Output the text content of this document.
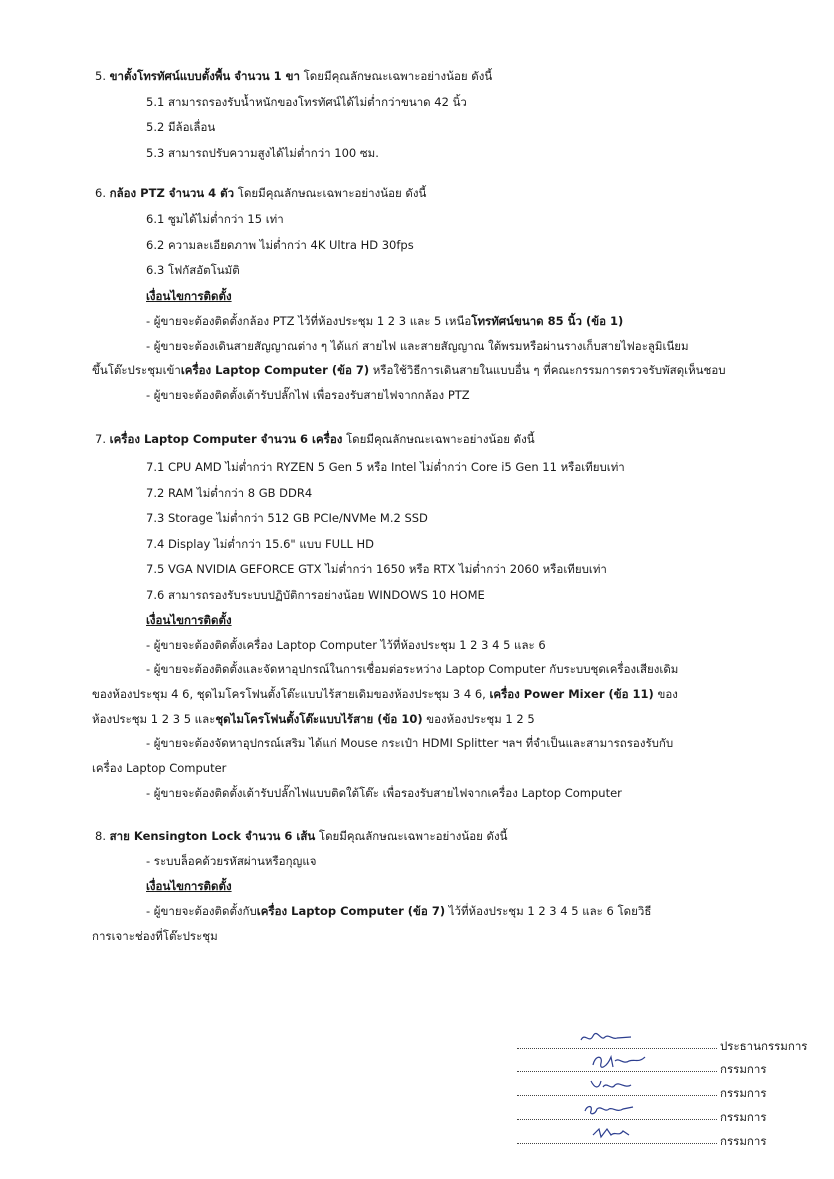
5. ขาตั้งโทรทัศน์แบบตั้งพื้น จำนวน 1 ขา โดยมีคุณลักษณะเฉพาะอย่างน้อย ดังนี้
5.1 สามารถรองรับน้ำหนักของโทรทัศน์ได้ไม่ต่ำกว่าขนาด 42 นิ้ว
5.2 มีล้อเลื่อน
5.3 สามารถปรับความสูงได้ไม่ต่ำกว่า 100 ซม.
6. กล้อง PTZ จำนวน 4 ตัว โดยมีคุณลักษณะเฉพาะอย่างน้อย ดังนี้
6.1 ซูมได้ไม่ต่ำกว่า 15 เท่า
6.2 ความละเอียดภาพ ไม่ต่ำกว่า 4K Ultra HD 30fps
6.3 โฟกัสอัตโนมัติ
เงื่อนไขการติดตั้ง
- ผู้ขายจะต้องติดตั้งกล้อง PTZ ไว้ที่ห้องประชุม 1 2 3 และ 5 เหนือโทรทัศน์ขนาด 85 นิ้ว (ข้อ 1)
- ผู้ขายจะต้องเดินสายสัญญาณต่าง ๆ ได้แก่ สายไฟ และสายสัญญาณ ใต้พรมหรือผ่านรางเก็บสายไฟอะลูมิเนียม
ขึ้นโต๊ะประชุมเข้าเครื่อง Laptop Computer (ข้อ 7) หรือใช้วิธีการเดินสายในแบบอื่น ๆ ที่คณะกรรมการตรวจรับพัสดุเห็นชอบ
- ผู้ขายจะต้องติดตั้งเต้ารับปลั๊กไฟ เพื่อรองรับสายไฟจากกล้อง PTZ
7. เครื่อง Laptop Computer จำนวน 6 เครื่อง โดยมีคุณลักษณะเฉพาะอย่างน้อย ดังนี้
7.1 CPU AMD ไม่ต่ำกว่า RYZEN 5 Gen 5 หรือ Intel ไม่ต่ำกว่า Core i5 Gen 11 หรือเทียบเท่า
7.2 RAM ไม่ต่ำกว่า 8 GB DDR4
7.3 Storage ไม่ต่ำกว่า 512 GB PCIe/NVMe M.2 SSD
7.4 Display ไม่ต่ำกว่า 15.6" แบบ FULL HD
7.5 VGA NVIDIA GEFORCE GTX ไม่ต่ำกว่า 1650 หรือ RTX ไม่ต่ำกว่า 2060 หรือเทียบเท่า
7.6 สามารถรองรับระบบปฏิบัติการอย่างน้อย WINDOWS 10 HOME
เงื่อนไขการติดตั้ง
- ผู้ขายจะต้องติดตั้งเครื่อง Laptop Computer ไว้ที่ห้องประชุม 1 2 3 4 5 และ 6
- ผู้ขายจะต้องติดตั้งและจัดหาอุปกรณ์ในการเชื่อมต่อระหว่าง Laptop Computer กับระบบชุดเครื่องเสียงเดิม
ของห้องประชุม 4 6, ชุดไมโครโฟนตั้งโต๊ะแบบไร้สายเดิมของห้องประชุม 3 4 6, เครื่อง Power Mixer (ข้อ 11) ของ
ห้องประชุม 1 2 3 5 และชุดไมโครโฟนตั้งโต๊ะแบบไร้สาย (ข้อ 10) ของห้องประชุม 1 2 5
- ผู้ขายจะต้องจัดหาอุปกรณ์เสริม ได้แก่ Mouse กระเป๋า HDMI Splitter ฯลฯ ที่จำเป็นและสามารถรองรับกับ
เครื่อง Laptop Computer
- ผู้ขายจะต้องติดตั้งเต้ารับปลั๊กไฟแบบติดใต้โต๊ะ เพื่อรองรับสายไฟจากเครื่อง Laptop Computer
8. สาย Kensington Lock จำนวน 6 เส้น โดยมีคุณลักษณะเฉพาะอย่างน้อย ดังนี้
- ระบบล็อคด้วยรหัสผ่านหรือกุญแจ
เงื่อนไขการติดตั้ง
- ผู้ขายจะต้องติดตั้งกับเครื่อง Laptop Computer (ข้อ 7) ไว้ที่ห้องประชุม 1 2 3 4 5 และ 6 โดยวิธี
การเจาะช่องที่โต๊ะประชุม
ประธานกรรมการ
กรรมการ
กรรมการ
กรรมการ
กรรมการ
